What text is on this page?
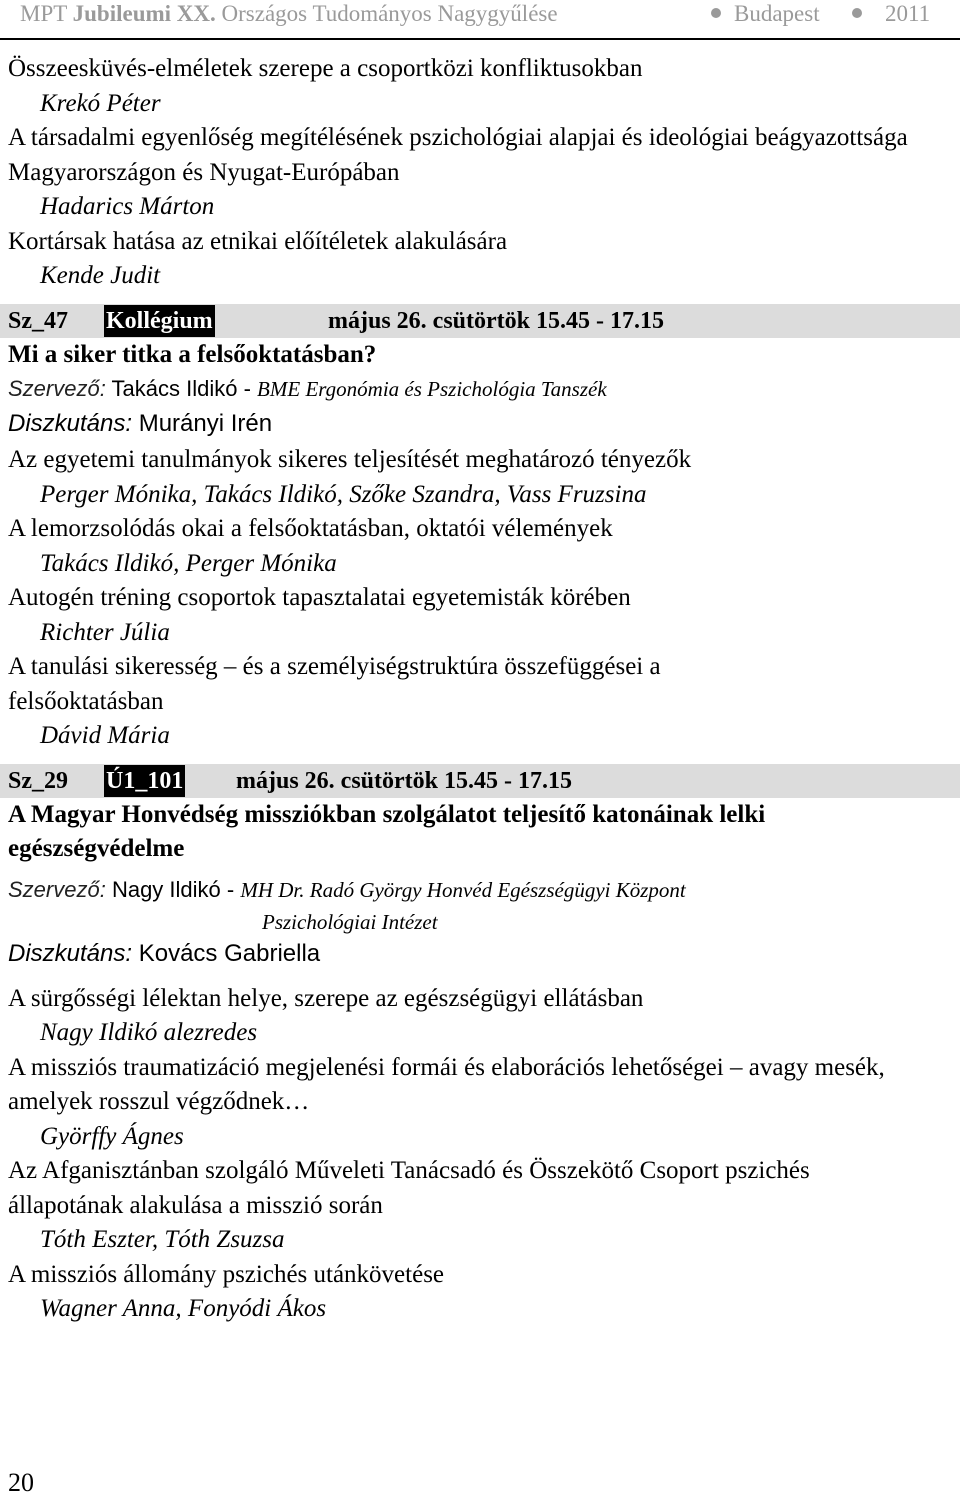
MPT Jubileumi XX. Országos Tudományos Nagygyűlése	Budapest	2011

Összeesküvés-elméletek szerepe a csoportközi konfliktusokban

Krekó Péter

A társadalmi egyenlőség megítélésének pszichológiai alapjai és ideológiai beágyazottsága Magyarországon és Nyugat-Európában

Hadarics Márton

Kortársak hatása az etnikai előítéletek alakulására

Kende Judit

Sz_47 Kollégium	május 26. csütörtök 15.45 - 17.15

Mi a siker titka a felsőoktatásban?

Szervező: Takács Ildikó - BME Ergonómia és Pszichológia Tanszék

Diszkutáns: Murányi Irén

Az egyetemi tanulmányok sikeres teljesítését meghatározó tényezők

Perger Mónika, Takács Ildikó, Szőke Szandra, Vass Fruzsina

A lemorzsolódás okai a felsőoktatásban, oktatói vélemények

Takács Ildikó, Perger Mónika

Autogén tréning csoportok tapasztalatai egyetemisták körében

Richter Júlia

A tanulási sikeresség – és a személyiségstruktúra összefüggései a felsőoktatásban

Dávid Mária

Sz_29 Ú1_101 május 26. csütörtök 15.45 - 17.15

A Magyar Honvédség missziókban szolgálatot teljesítő katonáinak lelki egészségvédelme

Szervező: Nagy Ildikó - MH Dr. Radó György Honvéd Egészségügyi Központ

Pszichológiai Intézet

Diszkutáns: Kovács Gabriella

A sürgősségi lélektan helye, szerepe az egészségügyi ellátásban

Nagy Ildikó alezredes

A missziós traumatizáció megjelenési formái és elaborációs lehetőségei – avagy mesék, amelyek rosszul végződnek…

Györffy Ágnes

Az Afganisztánban szolgáló Műveleti Tanácsadó és Összekötő Csoport pszichés állapotának alakulása a misszió során

Tóth Eszter, Tóth Zsuzsa

A missziós állomány pszichés utánkövetése

Wagner Anna, Fonyódi Ákos

20
